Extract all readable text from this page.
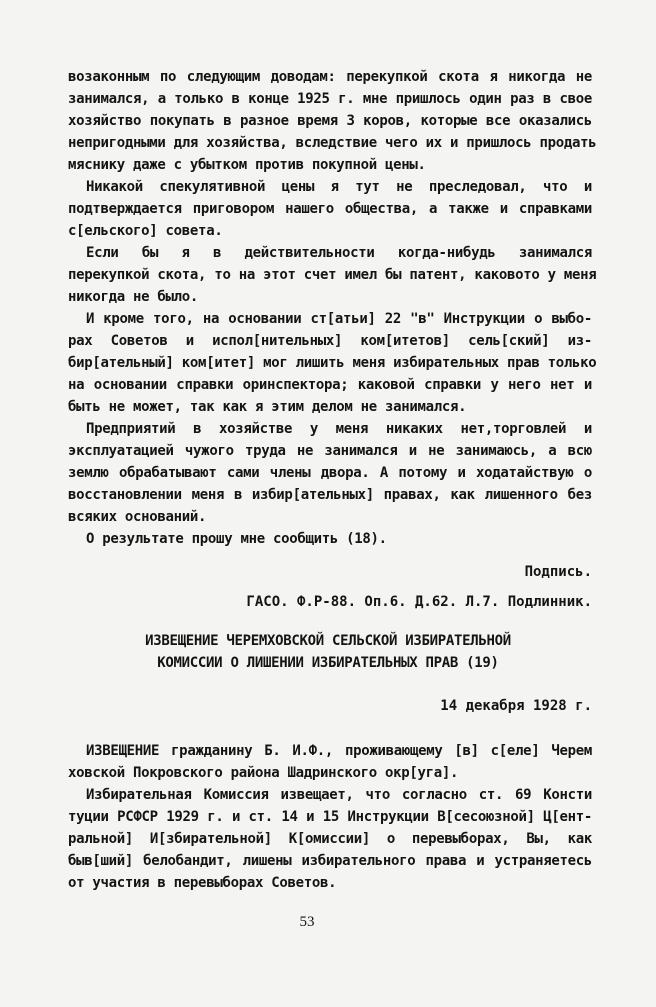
возаконным по следующим доводам: перекупкой скота я никогда не
занимался, а только в конце 1925 г. мне пришлось один раз в свое
хозяйство покупать в разное время 3 коров, которые все оказались
непригодными для хозяйства, вследствие чего их и пришлось продать
мяснику даже с убытком против покупной цены.
Никакой спекулятивной цены я тут не преследовал, что и
подтверждается приговором нашего общества, а также и справками
с[ельского] совета.
Если бы я в действительности когда-нибудь занимался
перекупкой скота, то на этот счет имел бы патент, каковото у меня
никогда не было.
И кроме того, на основании ст[атьи] 22 "в" Инструкции о выбо-
рах Советов и испол[нительных] ком[итетов] сель[ский] из-
бир[ательный] ком[итет] мог лишить меня избирательных прав только
на основании справки оринспектора; каковой справки у него нет и
быть не может, так как я этим делом не занимался.
Предприятий в хозяйстве у меня никаких нет,торговлей и
эксплуатацией чужого труда не занимался и не занимаюсь, а всю
землю обрабатывают сами члены двора. А потому и ходатайствую о
восстановлении меня в избир[ательных] правах, как лишенного без
всяких оснований.
О результате прошу мне сообщить (18).
Подпись.
ГАСО. Ф.Р-88. Оп.6. Д.62. Л.7. Подлинник.
ИЗВЕЩЕНИЕ ЧЕРЕМХОВСКОЙ СЕЛЬСКОЙ ИЗБИРАТЕЛЬНОЙ
КОМИССИИ О ЛИШЕНИИ ИЗБИРАТЕЛЬНЫХ ПРАВ (19)
14 декабря 1928 г.
ИЗВЕЩЕНИЕ гражданину Б. И.Ф., проживающему [в] с[еле] Черем
ховской Покровского района Шадринского окр[уга].
Избирательная Комиссия извещает, что согласно ст. 69 Консти
туции РСФСР 1929 г. и ст. 14 и 15 Инструкции В[сесоюзной] Ц[ент-
ральной] И[збирательной] К[омиссии] о перевыборах, Вы, как
быв[ший] белобандит, лишены избирательного права и устраняетесь
от участия в перевыборах Советов.
53
